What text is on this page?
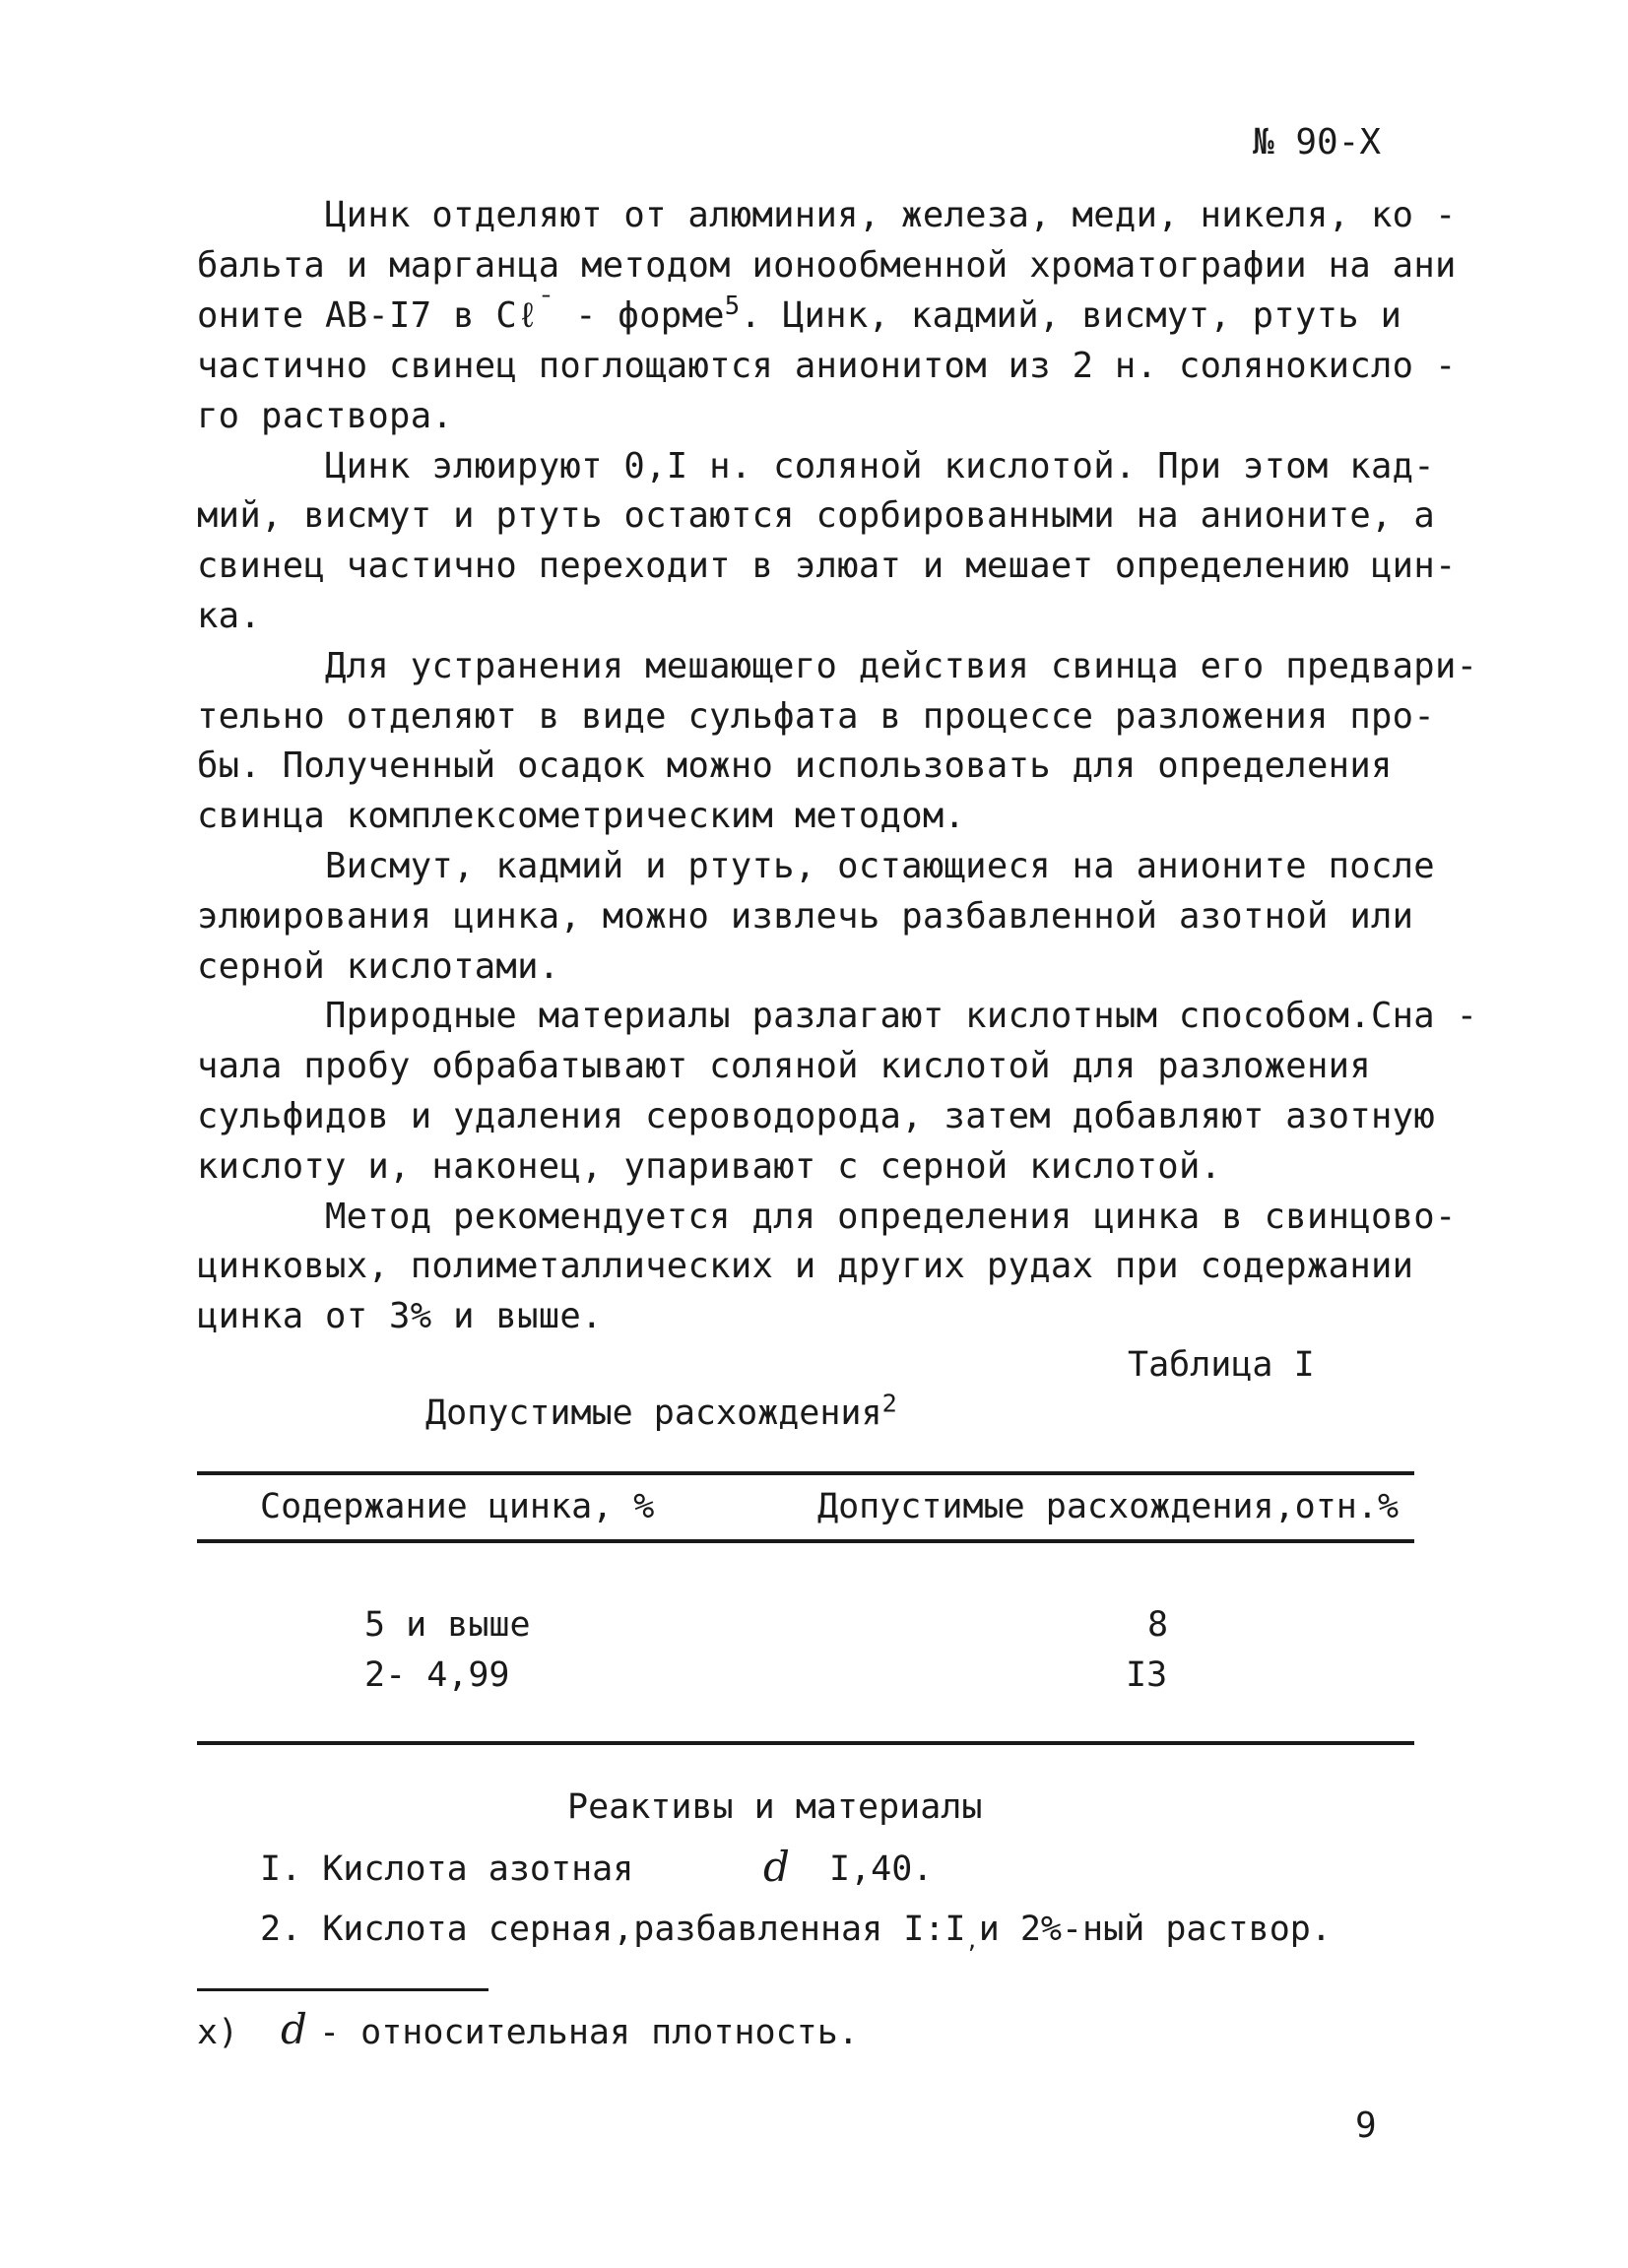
№ 90-Х
Цинк отделяют от алюминия, железа, меди, никеля, ко -
бальта и марганца методом ионообменной хроматографии на ани
оните АВ-I7 в Cℓ¯ - форме$^5$. Цинк, кадмий, висмут, ртуть и
частично свинец поглощаются анионитом из 2 н. солянокисло -
го раствора.
Цинк элюируют 0,I н. соляной кислотой. При этом кад-
мий, висмут и ртуть остаются сорбированными на анионите, а
свинец частично переходит в элюат и мешает определению цин-
ка.
Для устранения мешающего действия свинца его предвари-
тельно отделяют в виде сульфата в процессе разложения про-
бы. Полученный осадок можно использовать для определения
свинца комплексометрическим методом.
Висмут, кадмий и ртуть, остающиеся на анионите после
элюирования цинка, можно извлечь разбавленной азотной или
серной кислотами.
Природные материалы разлагают кислотным способом.Сна -
чала пробу обрабатывают соляной кислотой для разложения
сульфидов и удаления сероводорода, затем добавляют азотную
кислоту и, наконец, упаривают с серной кислотой.
Метод рекомендуется для определения цинка в свинцово-
цинковых, полиметаллических и других рудах при содержании
цинка от 3% и выше.
Таблица I
Допустимые расхождения$^2$
Содержание цинка, %	Допустимые расхождения,отн.%
5 и выше	8
2- 4,99	I3
Реактивы и материалы
I. Кислота азотная	d I,40.
2. Кислота серная,разбавленная $I:I_,и$ 2%-ный раствор.
x) d - относительная плотность.
9
